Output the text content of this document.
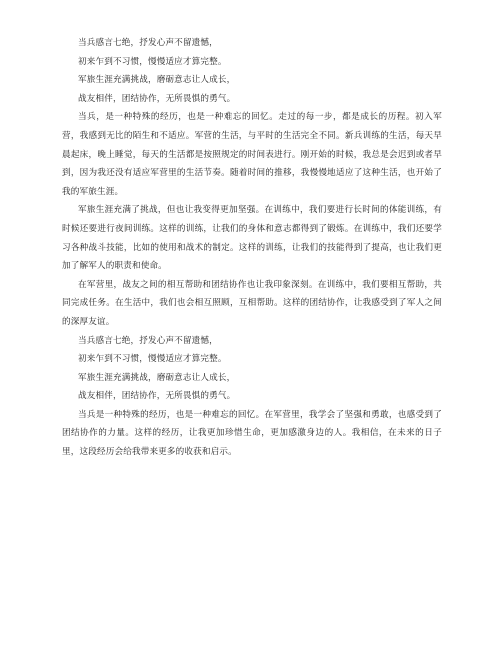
当兵感言七绝，抒发心声不留遗憾，

初来乍到不习惯，慢慢适应才算完整。

军旅生涯充满挑战，磨砺意志让人成长，

战友相伴，团结协作，无所畏惧的勇气。

当兵，是一种特殊的经历，也是一种难忘的回忆。走过的每一步，都是成长的历程。初入军营，我感到无比的陌生和不适应。军营的生活，与平时的生活完全不同。新兵训练的生活，每天早晨起床，晚上睡觉，每天的生活都是按照规定的时间表进行。刚开始的时候，我总是会迟到或者早到，因为我还没有适应军营里的生活节奏。随着时间的推移，我慢慢地适应了这种生活，也开始了我的军旅生涯。

军旅生涯充满了挑战，但也让我变得更加坚强。在训练中，我们要进行长时间的体能训练，有时候还要进行夜间训练。这样的训练，让我们的身体和意志都得到了锻炼。在训练中，我们还要学习各种战斗技能，比如的使用和战术的制定。这样的训练，让我们的技能得到了提高，也让我们更加了解军人的职责和使命。

在军营里，战友之间的相互帮助和团结协作也让我印象深刻。在训练中，我们要相互帮助，共同完成任务。在生活中，我们也会相互照顾，互相帮助。这样的团结协作，让我感受到了军人之间的深厚友谊。

当兵感言七绝，抒发心声不留遗憾，

初来乍到不习惯，慢慢适应才算完整。

军旅生涯充满挑战，磨砺意志让人成长，

战友相伴，团结协作，无所畏惧的勇气。

当兵是一种特殊的经历，也是一种难忘的回忆。在军营里，我学会了坚强和勇敢，也感受到了团结协作的力量。这样的经历，让我更加珍惜生命，更加感激身边的人。我相信，在未来的日子里，这段经历会给我带来更多的收获和启示。
